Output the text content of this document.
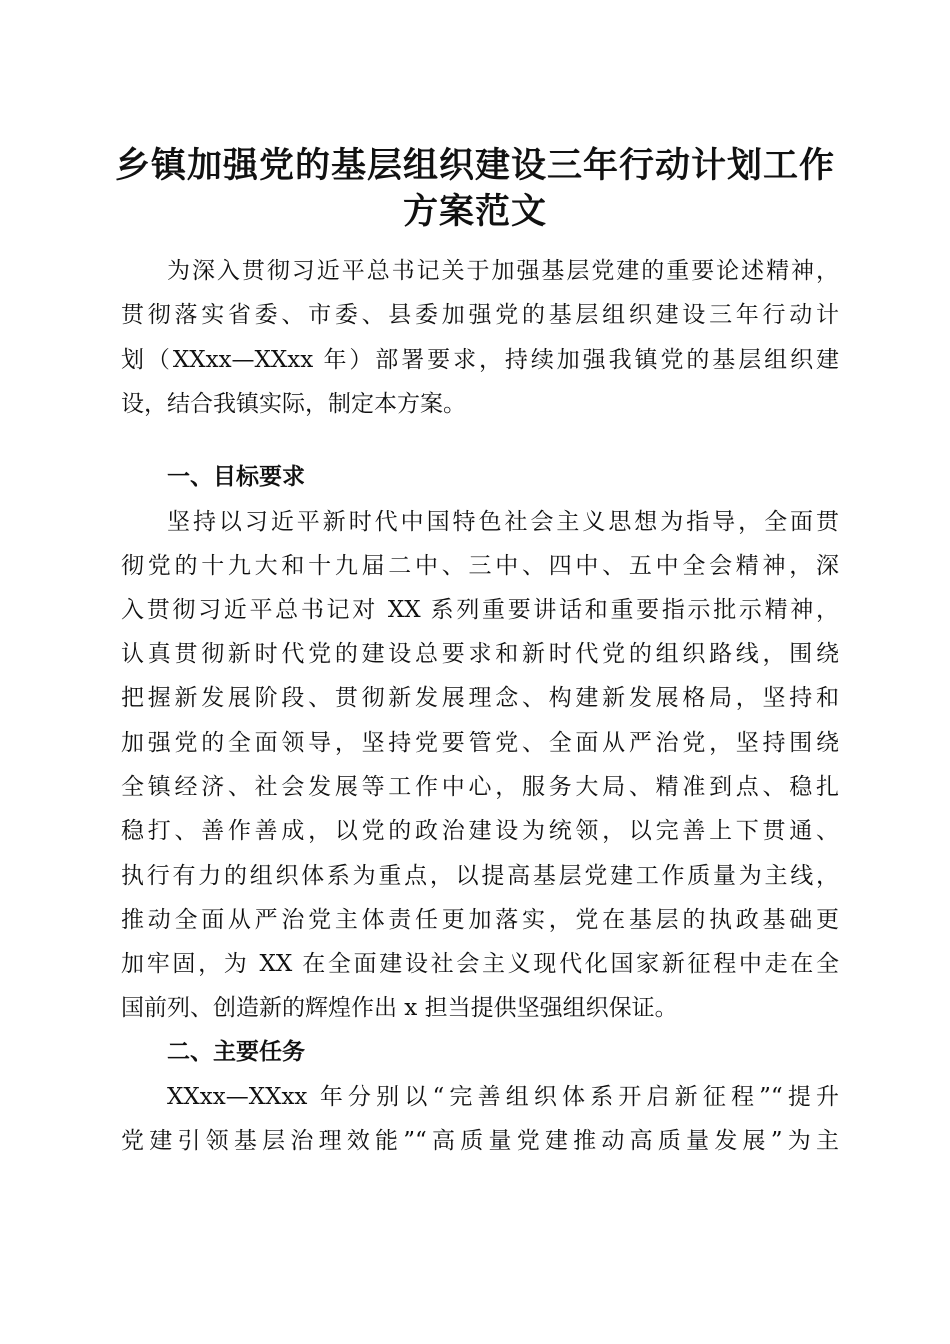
乡镇加强党的基层组织建设三年行动计划工作
方案范文
为深入贯彻习近平总书记关于加强基层党建的重要论述精神，
贯彻落实省委、市委、县委加强党的基层组织建设三年行动计
划（XXxx—XXxx 年）部署要求，持续加强我镇党的基层组织建
设，结合我镇实际，制定本方案。
一、目标要求
坚持以习近平新时代中国特色社会主义思想为指导，全面贯
彻党的十九大和十九届二中、三中、四中、五中全会精神，深
入贯彻习近平总书记对 XX 系列重要讲话和重要指示批示精神，
认真贯彻新时代党的建设总要求和新时代党的组织路线，围绕
把握新发展阶段、贯彻新发展理念、构建新发展格局，坚持和
加强党的全面领导，坚持党要管党、全面从严治党，坚持围绕
全镇经济、社会发展等工作中心，服务大局、精准到点、稳扎
稳打、善作善成，以党的政治建设为统领，以完善上下贯通、
执行有力的组织体系为重点，以提高基层党建工作质量为主线，
推动全面从严治党主体责任更加落实，党在基层的执政基础更
加牢固，为 XX 在全面建设社会主义现代化国家新征程中走在全
国前列、创造新的辉煌作出 x 担当提供坚强组织保证。
二、主要任务
XXxx—XXxx 年分别以“完善组织体系开启新征程”“提升
党建引领基层治理效能”“高质量党建推动高质量发展”为主
